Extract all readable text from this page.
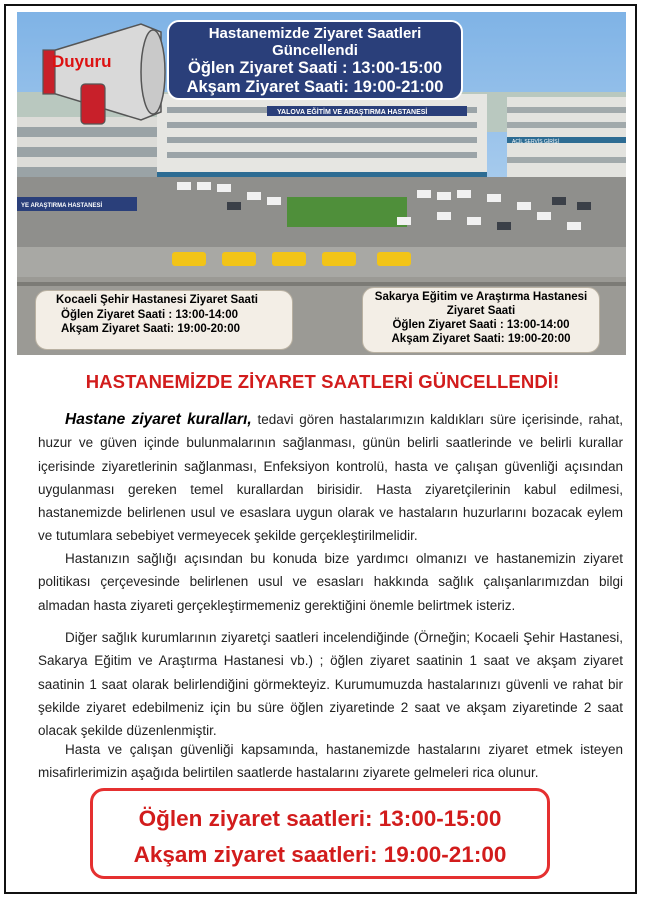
YALOVA EĞİTİM VE ARAŞTIRMA HASTANESİ
ACİL SERVİS GİRİŞİ
YE ARAŞTIRMA HASTANESİ
Duyuru
Hastanemizde Ziyaret Saatleri
Güncellendi
Öğlen Ziyaret Saati : 13:00-15:00
Akşam Ziyaret Saati: 19:00-21:00
Kocaeli Şehir Hastanesi Ziyaret Saati
Öğlen Ziyaret Saati : 13:00-14:00
Akşam Ziyaret Saati: 19:00-20:00
Sakarya Eğitim ve Araştırma Hastanesi
Ziyaret Saati
Öğlen Ziyaret Saati : 13:00-14:00
Akşam Ziyaret Saati: 19:00-20:00
HASTANEMİZDE ZİYARET SAATLERİ GÜNCELLENDİ!

Hastane ziyaret kuralları, tedavi gören hastalarımızın kaldıkları süre içerisinde, rahat, huzur ve güven içinde bulunmalarının sağlanması, günün belirli saatlerinde ve belirli kurallar içerisinde ziyaretlerinin sağlanması, Enfeksiyon kontrolü, hasta ve çalışan güvenliği açısından uygulanması gereken temel kurallardan birisidir. Hasta ziyaretçilerinin kabul edilmesi, hastanemizde belirlenen usul ve esaslara uygun olarak ve hastaların huzurlarını bozacak eylem ve tutumlara sebebiyet vermeyecek şekilde gerçekleştirilmelidir.

Hastanızın sağlığı açısından bu konuda bize yardımcı olmanızı ve hastanemizin ziyaret politikası çerçevesinde belirlenen usul ve esasları hakkında sağlık çalışanlarımızdan bilgi almadan hasta ziyareti gerçekleştirmemeniz gerektiğini önemle belirtmek isteriz.

Diğer sağlık kurumlarının ziyaretçi saatleri incelendiğinde (Örneğin; Kocaeli Şehir Hastanesi, Sakarya Eğitim ve Araştırma Hastanesi vb.) ; öğlen ziyaret saatinin 1 saat ve akşam ziyaret saatinin 1 saat olarak belirlendiğini görmekteyiz. Kurumumuzda hastalarınızı güvenli ve rahat bir şekilde ziyaret edebilmeniz için bu süre öğlen ziyaretinde 2 saat ve akşam ziyaretinde 2 saat olacak şekilde düzenlenmiştir.

Hasta ve çalışan güvenliği kapsamında, hastanemizde hastalarını ziyaret etmek isteyen misafirlerimizin aşağıda belirtilen saatlerde hastalarını ziyarete gelmeleri rica olunur.

Öğlen ziyaret saatleri: 13:00-15:00
Akşam ziyaret saatleri: 19:00-21:00
